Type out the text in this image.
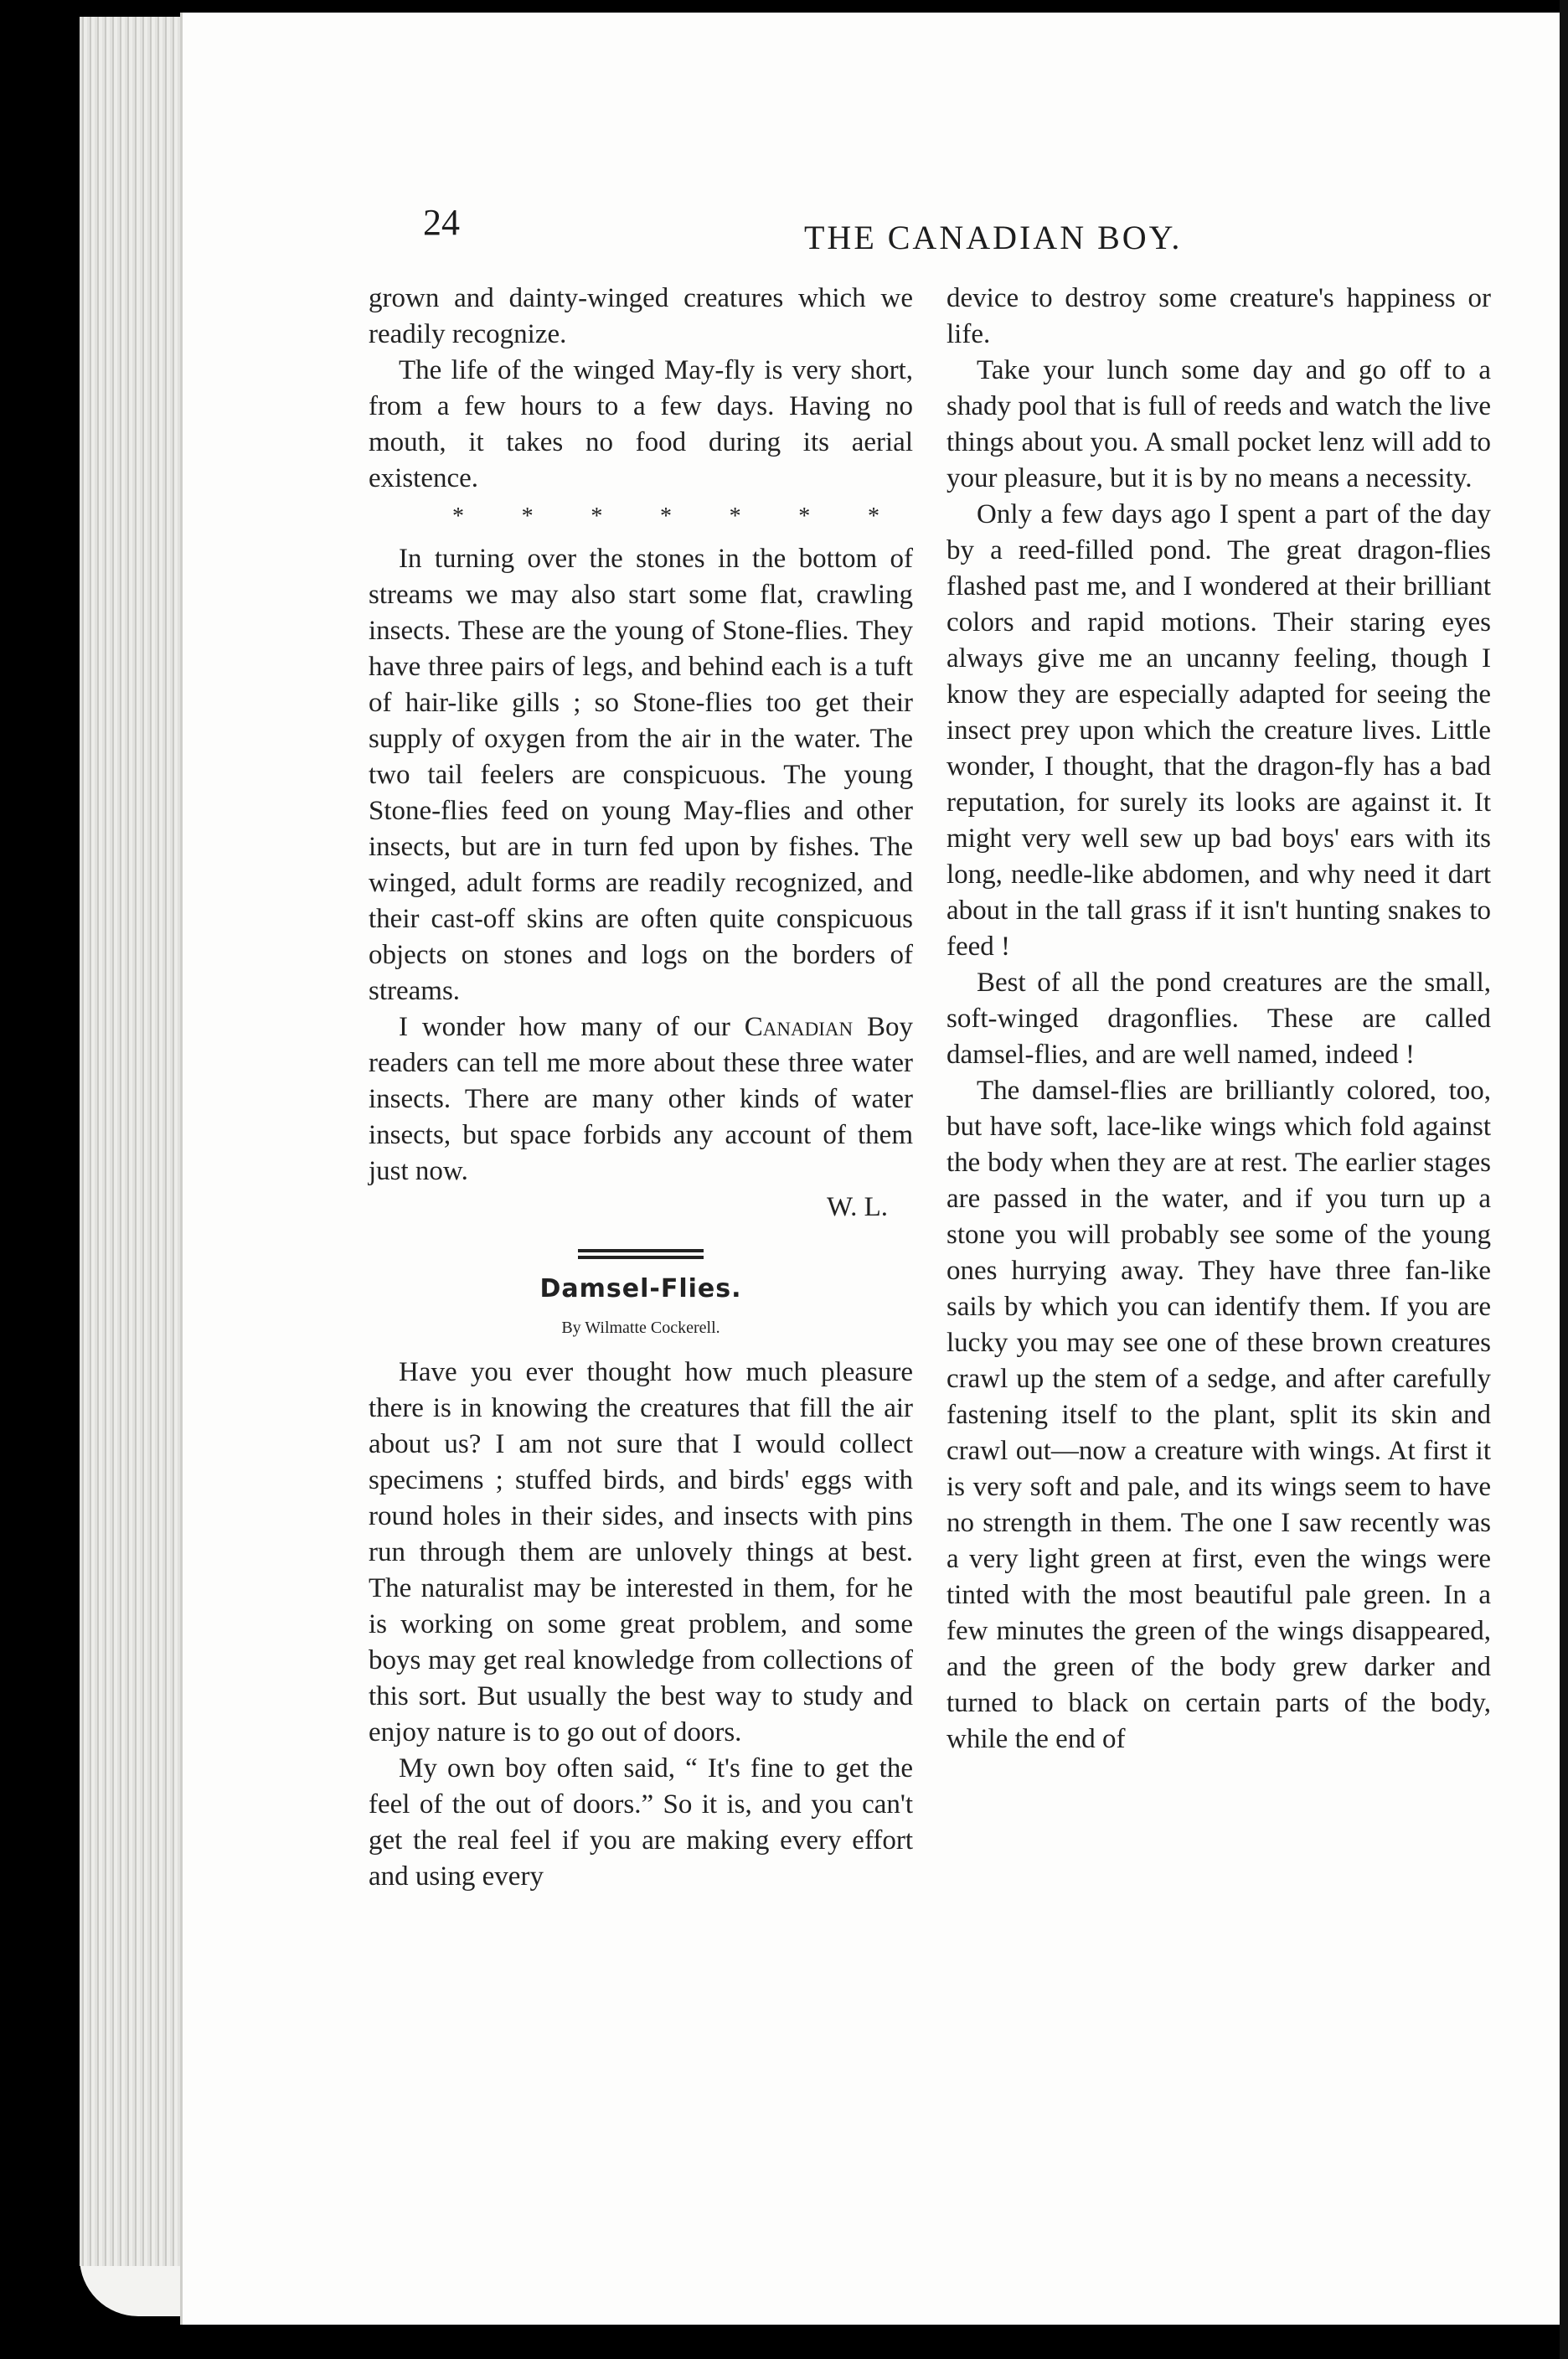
24	THE CANADIAN BOY.

grown and dainty-winged creatures which we readily recognize.

The life of the winged May-fly is very short, from a few hours to a few days. Having no mouth, it takes no food during its aerial existence.

* * * * * * *

In turning over the stones in the bottom of streams we may also start some flat, crawling insects. These are the young of Stone-flies. They have three pairs of legs, and behind each is a tuft of hair-like gills ; so Stone-flies too get their supply of oxygen from the air in the water. The two tail feelers are conspicuous. The young Stone-flies feed on young May-flies and other insects, but are in turn fed upon by fishes. The winged, adult forms are readily recognized, and their cast-off skins are often quite conspicuous objects on stones and logs on the borders of streams.

I wonder how many of our Canadian Boy readers can tell me more about these three water insects. There are many other kinds of water insects, but space forbids any account of them just now.

W. L.

Damsel-Flies.
By Wilmatte Cockerell.

Have you ever thought how much pleasure there is in knowing the creatures that fill the air about us? I am not sure that I would collect specimens ; stuffed birds, and birds' eggs with round holes in their sides, and insects with pins run through them are unlovely things at best. The naturalist may be interested in them, for he is working on some great problem, and some boys may get real knowledge from collections of this sort. But usually the best way to study and enjoy nature is to go out of doors.

My own boy often said, “ It's fine to get the feel of the out of doors.” So it is, and you can't get the real feel if you are making every effort and using every

device to destroy some creature's happiness or life.

Take your lunch some day and go off to a shady pool that is full of reeds and watch the live things about you. A small pocket lenz will add to your pleasure, but it is by no means a necessity.

Only a few days ago I spent a part of the day by a reed-filled pond. The great dragon-flies flashed past me, and I wondered at their brilliant colors and rapid motions. Their staring eyes always give me an uncanny feeling, though I know they are especially adapted for seeing the insect prey upon which the creature lives. Little wonder, I thought, that the dragon-fly has a bad reputation, for surely its looks are against it. It might very well sew up bad boys' ears with its long, needle-like abdomen, and why need it dart about in the tall grass if it isn't hunting snakes to feed !

Best of all the pond creatures are the small, soft-winged dragonflies. These are called damsel-flies, and are well named, indeed !

The damsel-flies are brilliantly colored, too, but have soft, lace-like wings which fold against the body when they are at rest. The earlier stages are passed in the water, and if you turn up a stone you will probably see some of the young ones hurrying away. They have three fan-like sails by which you can identify them. If you are lucky you may see one of these brown creatures crawl up the stem of a sedge, and after carefully fastening itself to the plant, split its skin and crawl out—now a creature with wings. At first it is very soft and pale, and its wings seem to have no strength in them. The one I saw recently was a very light green at first, even the wings were tinted with the most beautiful pale green. In a few minutes the green of the wings disappeared, and the green of the body grew darker and turned to black on certain parts of the body, while the end of
